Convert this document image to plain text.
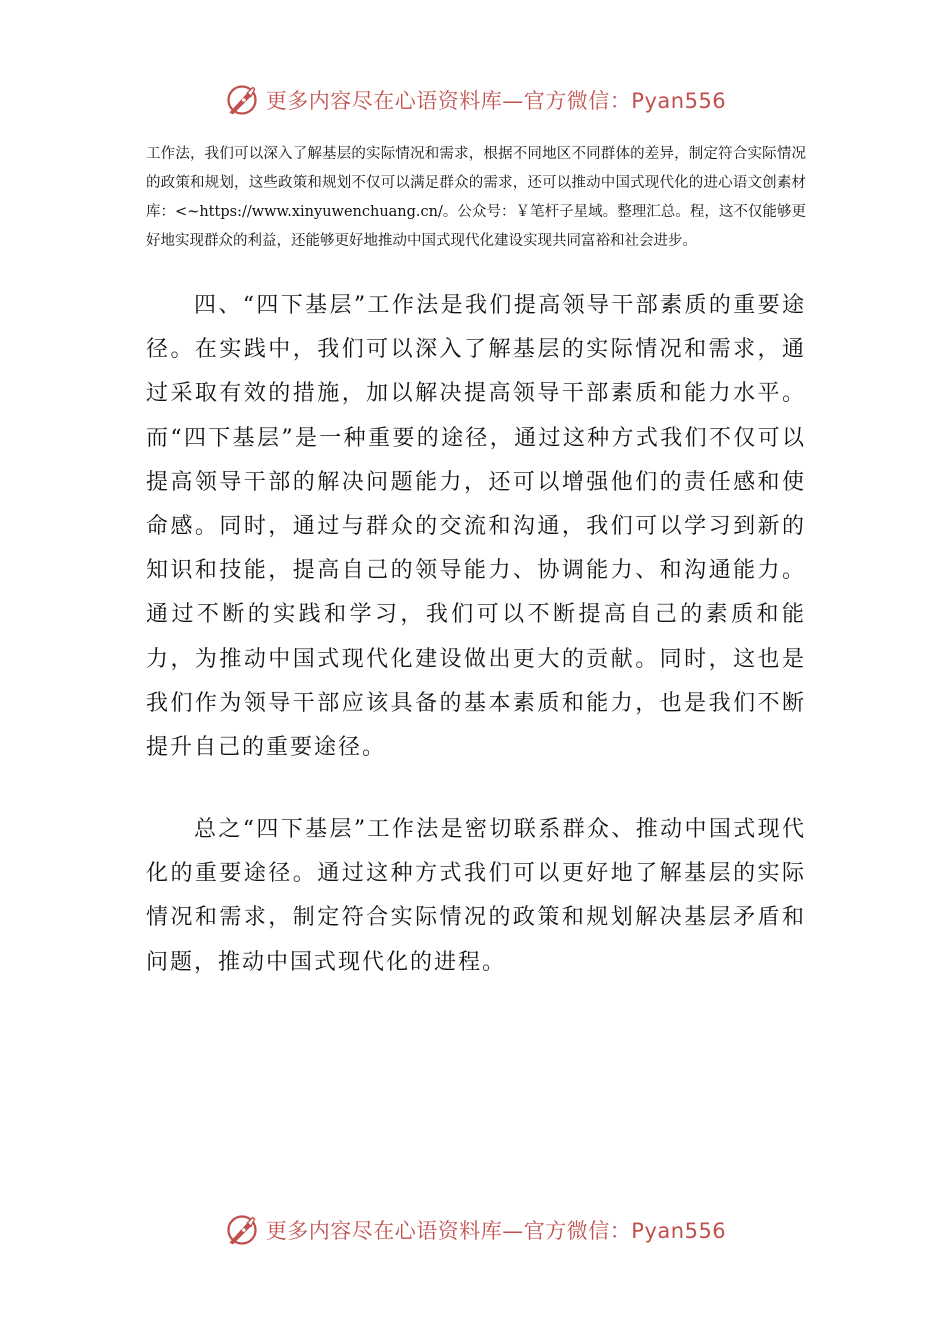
更多内容尽在心语资料库—官方微信：Pyan556

工作法，我们可以深入了解基层的实际情况和需求，根据不同地区不同群体的差异，制定符合实际情况的政策和规划，这些政策和规划不仅可以满足群众的需求，还可以推动中国式现代化的进心语文创素材库：<~https://www.xinyuwenchuang.cn/。公众号：￥笔杆子星域。整理汇总。程，这不仅能够更好地实现群众的利益，还能够更好地推动中国式现代化建设实现共同富裕和社会进步。

四、“四下基层”工作法是我们提高领导干部素质的重要途径。在实践中，我们可以深入了解基层的实际情况和需求，通过采取有效的措施，加以解决提高领导干部素质和能力水平。而“四下基层”是一种重要的途径，通过这种方式我们不仅可以提高领导干部的解决问题能力，还可以增强他们的责任感和使命感。同时，通过与群众的交流和沟通，我们可以学习到新的知识和技能，提高自己的领导能力、协调能力、和沟通能力。通过不断的实践和学习，我们可以不断提高自己的素质和能力，为推动中国式现代化建设做出更大的贡献。同时，这也是我们作为领导干部应该具备的基本素质和能力，也是我们不断提升自己的重要途径。

总之“四下基层”工作法是密切联系群众、推动中国式现代化的重要途径。通过这种方式我们可以更好地了解基层的实际情况和需求，制定符合实际情况的政策和规划解决基层矛盾和问题，推动中国式现代化的进程。

更多内容尽在心语资料库—官方微信：Pyan556
